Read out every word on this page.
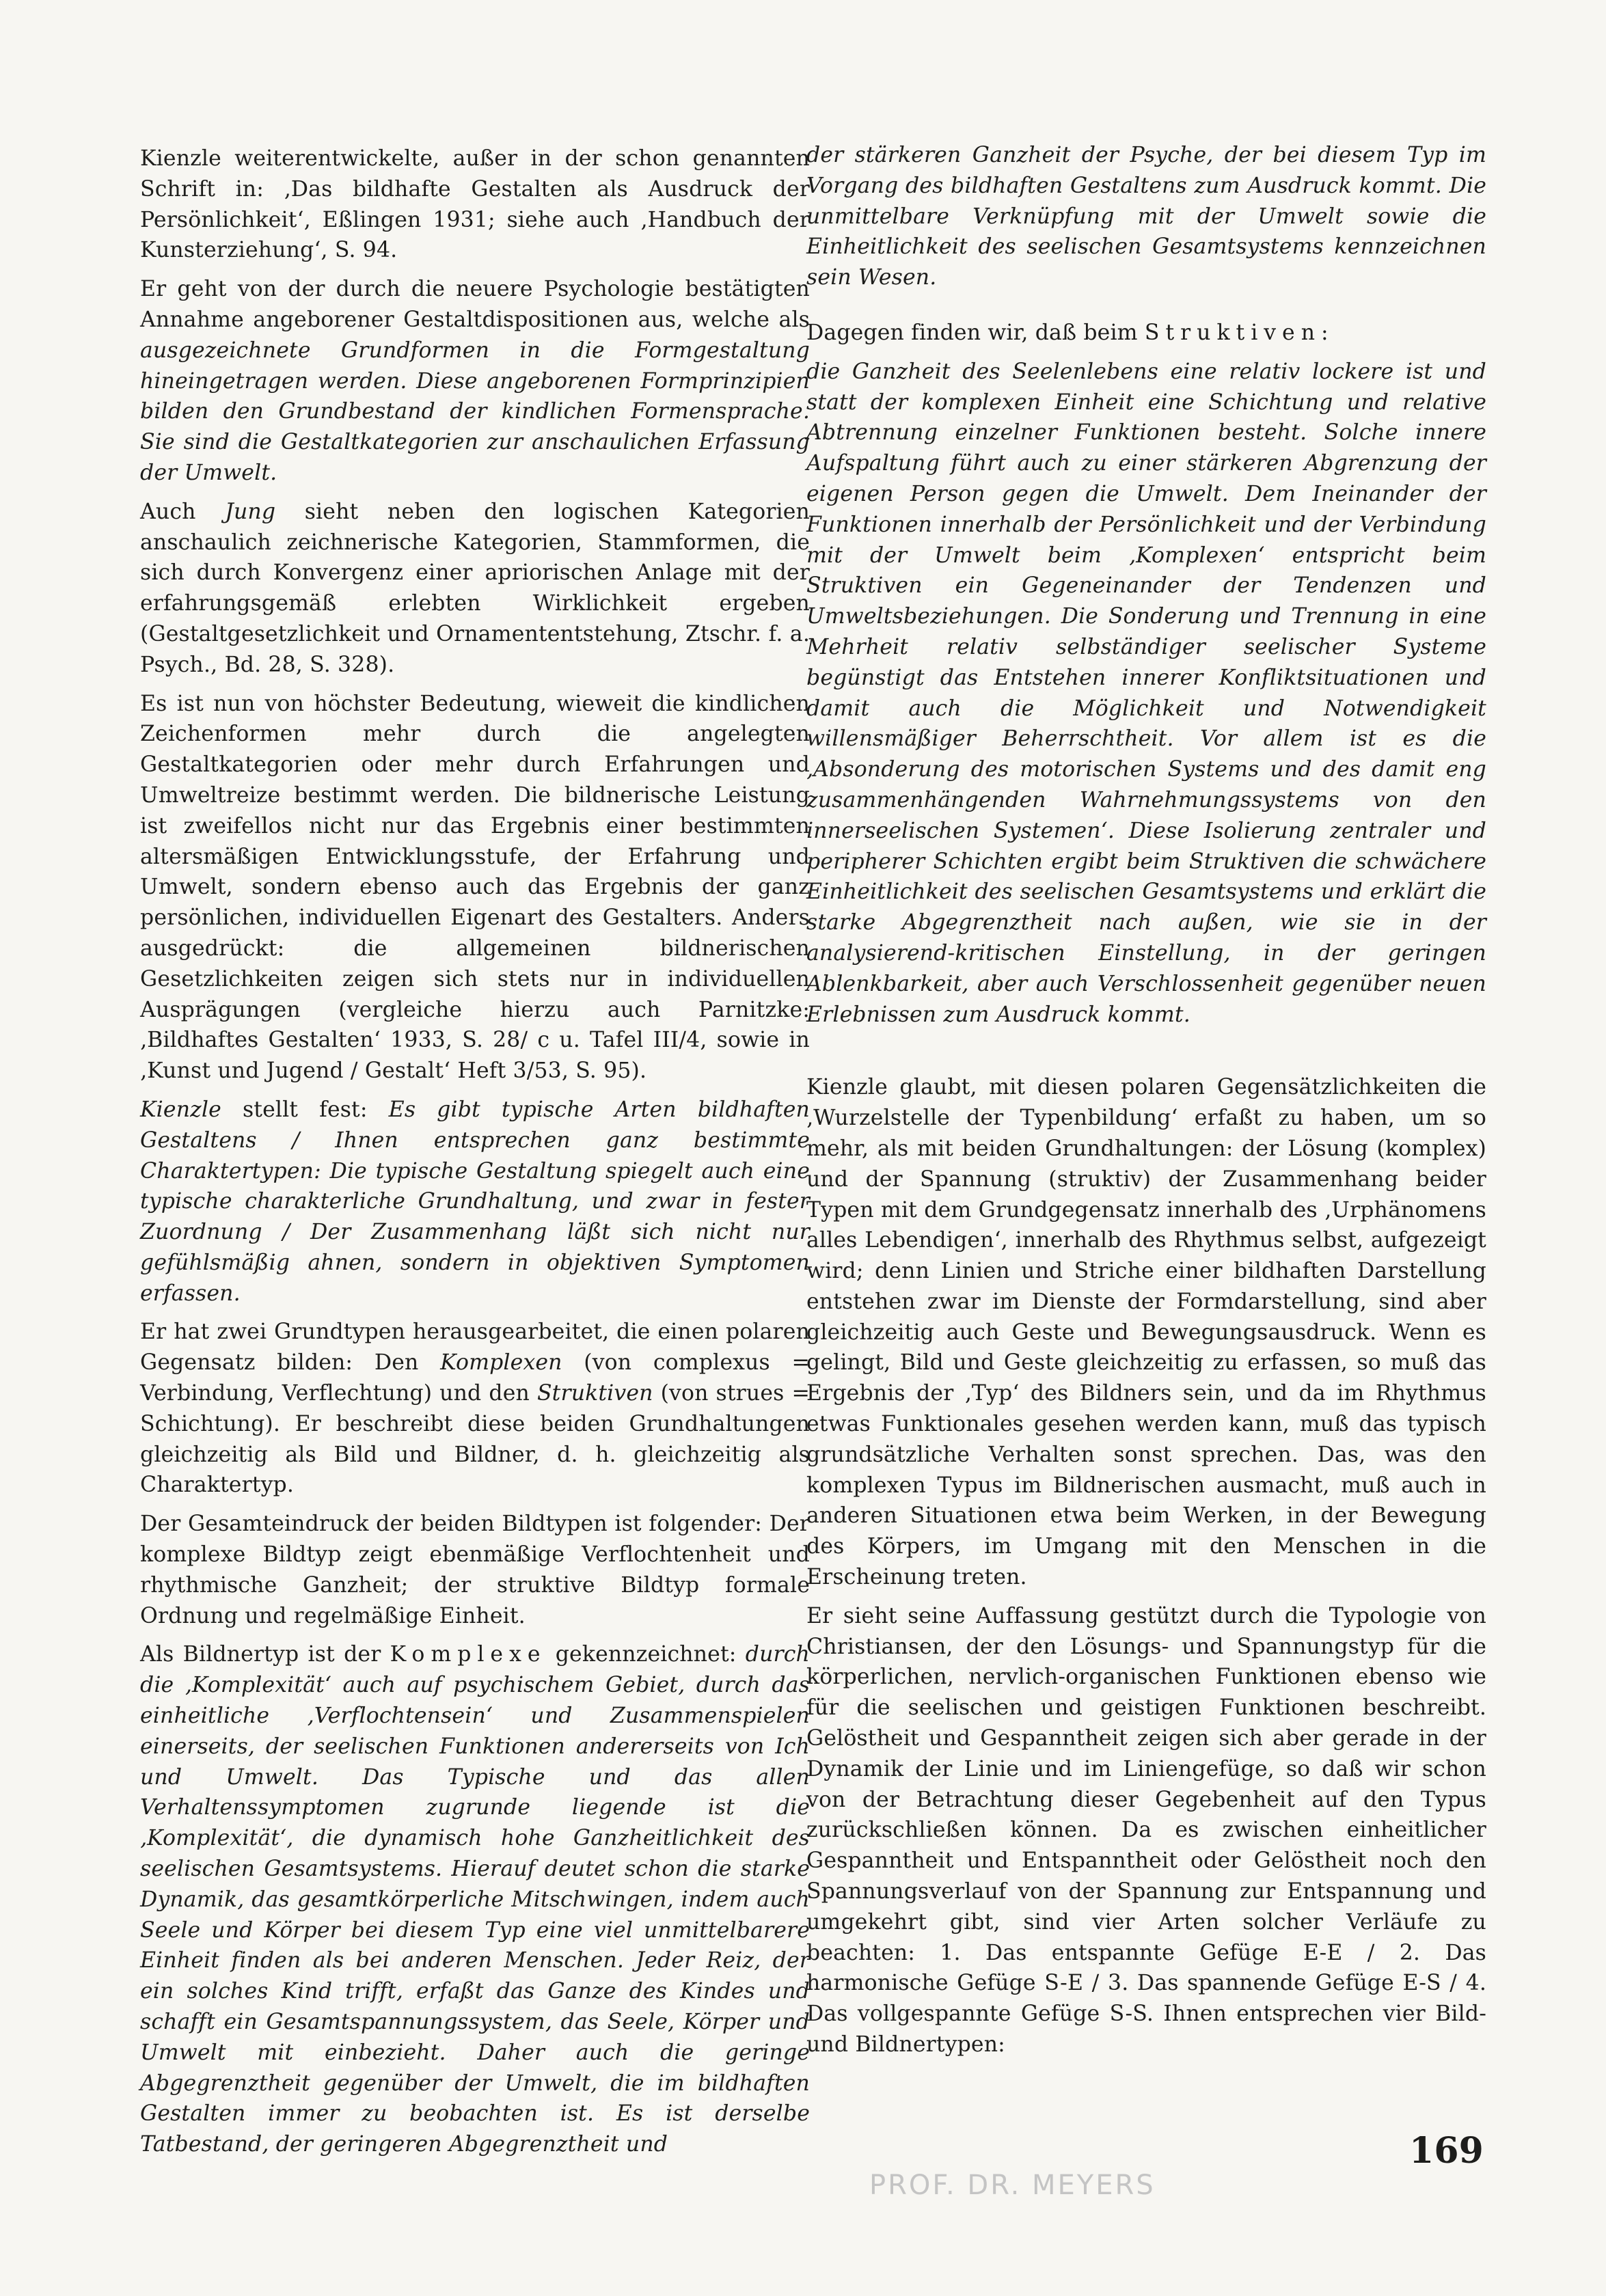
Kienzle weiterentwickelte, außer in der schon genannten Schrift in: ‚Das bildhafte Gestalten als Ausdruck der Persönlichkeit‘, Eßlingen 1931; siehe auch ‚Handbuch der Kunsterziehung‘, S. 94.

Er geht von der durch die neuere Psychologie bestätigten Annahme angeborener Gestaltdispositionen aus, welche als ausgezeichnete Grundformen in die Formgestaltung hineingetragen werden. Diese angeborenen Formprinzipien bilden den Grundbestand der kindlichen Formensprache. Sie sind die Gestaltkategorien zur anschaulichen Erfassung der Umwelt.

Auch Jung sieht neben den logischen Kategorien anschaulich zeichnerische Kategorien, Stammformen, die sich durch Konvergenz einer apriorischen Anlage mit der erfahrungsgemäß erlebten Wirklichkeit ergeben (Gestaltgesetzlichkeit und Ornamententstehung, Ztschr. f. a. Psych., Bd. 28, S. 328).

Es ist nun von höchster Bedeutung, wieweit die kindlichen Zeichenformen mehr durch die angelegten Gestaltkategorien oder mehr durch Erfahrungen und Umweltreize bestimmt werden. Die bildnerische Leistung ist zweifellos nicht nur das Ergebnis einer bestimmten altersmäßigen Entwicklungsstufe, der Erfahrung und Umwelt, sondern ebenso auch das Ergebnis der ganz persönlichen, individuellen Eigenart des Gestalters. Anders ausgedrückt: die allgemeinen bildnerischen Gesetzlichkeiten zeigen sich stets nur in individuellen Ausprägungen (vergleiche hierzu auch Parnitzke: ‚Bildhaftes Gestalten‘ 1933, S. 28/ c u. Tafel III/4, sowie in ‚Kunst und Jugend / Gestalt‘ Heft 3/53, S. 95).

Kienzle stellt fest: Es gibt typische Arten bildhaften Gestaltens / Ihnen entsprechen ganz bestimmte Charaktertypen: Die typische Gestaltung spiegelt auch eine typische charakterliche Grundhaltung, und zwar in fester Zuordnung / Der Zusammenhang läßt sich nicht nur gefühlsmäßig ahnen, sondern in objektiven Symptomen erfassen.

Er hat zwei Grundtypen herausgearbeitet, die einen polaren Gegensatz bilden: Den Komplexen (von complexus = Verbindung, Verflechtung) und den Struktiven (von strues = Schichtung). Er beschreibt diese beiden Grundhaltungen gleichzeitig als Bild und Bildner, d. h. gleichzeitig als Charaktertyp.

Der Gesamteindruck der beiden Bildtypen ist folgender: Der komplexe Bildtyp zeigt ebenmäßige Verflochtenheit und rhythmische Ganzheit; der struktive Bildtyp formale Ordnung und regelmäßige Einheit.

Als Bildnertyp ist der Komplexe gekennzeichnet: durch die ‚Komplexität‘ auch auf psychischem Gebiet, durch das einheitliche ‚Verflochtensein‘ und Zusammenspielen einerseits, der seelischen Funktionen andererseits von Ich und Umwelt. Das Typische und das allen Verhaltenssymptomen zugrunde liegende ist die ‚Komplexität‘, die dynamisch hohe Ganzheitlichkeit des seelischen Gesamtsystems. Hierauf deutet schon die starke Dynamik, das gesamtkörperliche Mitschwingen, indem auch Seele und Körper bei diesem Typ eine viel unmittelbarere Einheit finden als bei anderen Menschen. Jeder Reiz, der ein solches Kind trifft, erfaßt das Ganze des Kindes und schafft ein Gesamtspannungssystem, das Seele, Körper und Umwelt mit einbezieht. Daher auch die geringe Abgegrenztheit gegenüber der Umwelt, die im bildhaften Gestalten immer zu beobachten ist. Es ist derselbe Tatbestand, der geringeren Abgegrenztheit und

der stärkeren Ganzheit der Psyche, der bei diesem Typ im Vorgang des bildhaften Gestaltens zum Ausdruck kommt. Die unmittelbare Verknüpfung mit der Umwelt sowie die Einheitlichkeit des seelischen Gesamtsystems kennzeichnen sein Wesen.

Dagegen finden wir, daß beim Struktiven:

die Ganzheit des Seelenlebens eine relativ lockere ist und statt der komplexen Einheit eine Schichtung und relative Abtrennung einzelner Funktionen besteht. Solche innere Aufspaltung führt auch zu einer stärkeren Abgrenzung der eigenen Person gegen die Umwelt. Dem Ineinander der Funktionen innerhalb der Persönlichkeit und der Verbindung mit der Umwelt beim ‚Komplexen‘ entspricht beim Struktiven ein Gegeneinander der Tendenzen und Umweltsbeziehungen. Die Sonderung und Trennung in eine Mehrheit relativ selbständiger seelischer Systeme begünstigt das Entstehen innerer Konfliktsituationen und damit auch die Möglichkeit und Notwendigkeit willensmäßiger Beherrschtheit. Vor allem ist es die ‚Absonderung des motorischen Systems und des damit eng zusammenhängenden Wahrnehmungssystems von den innerseelischen Systemen‘. Diese Isolierung zentraler und peripherer Schichten ergibt beim Struktiven die schwächere Einheitlichkeit des seelischen Gesamtsystems und erklärt die starke Abgegrenztheit nach außen, wie sie in der analysierend-kritischen Einstellung, in der geringen Ablenkbarkeit, aber auch Verschlossenheit gegenüber neuen Erlebnissen zum Ausdruck kommt.

Kienzle glaubt, mit diesen polaren Gegensätzlichkeiten die ‚Wurzelstelle der Typenbildung‘ erfaßt zu haben, um so mehr, als mit beiden Grundhaltungen: der Lösung (komplex) und der Spannung (struktiv) der Zusammenhang beider Typen mit dem Grundgegensatz innerhalb des ‚Urphänomens alles Lebendigen‘, innerhalb des Rhythmus selbst, aufgezeigt wird; denn Linien und Striche einer bildhaften Darstellung entstehen zwar im Dienste der Formdarstellung, sind aber gleichzeitig auch Geste und Bewegungsausdruck. Wenn es gelingt, Bild und Geste gleichzeitig zu erfassen, so muß das Ergebnis der ‚Typ‘ des Bildners sein, und da im Rhythmus etwas Funktionales gesehen werden kann, muß das typisch grundsätzliche Verhalten sonst sprechen. Das, was den komplexen Typus im Bildnerischen ausmacht, muß auch in anderen Situationen etwa beim Werken, in der Bewegung des Körpers, im Umgang mit den Menschen in die Erscheinung treten.

Er sieht seine Auffassung gestützt durch die Typologie von Christiansen, der den Lösungs- und Spannungstyp für die körperlichen, nervlich-organischen Funktionen ebenso wie für die seelischen und geistigen Funktionen beschreibt. Gelöstheit und Gespanntheit zeigen sich aber gerade in der Dynamik der Linie und im Liniengefüge, so daß wir schon von der Betrachtung dieser Gegebenheit auf den Typus zurückschließen können. Da es zwischen einheitlicher Gespanntheit und Entspanntheit oder Gelöstheit noch den Spannungsverlauf von der Spannung zur Entspannung und umgekehrt gibt, sind vier Arten solcher Verläufe zu beachten: 1. Das entspannte Gefüge E-E / 2. Das harmonische Gefüge S-E / 3. Das spannende Gefüge E-S / 4. Das vollgespannte Gefüge S-S. Ihnen entsprechen vier Bild- und Bildnertypen:

169

PROF. DR. MEYERS
